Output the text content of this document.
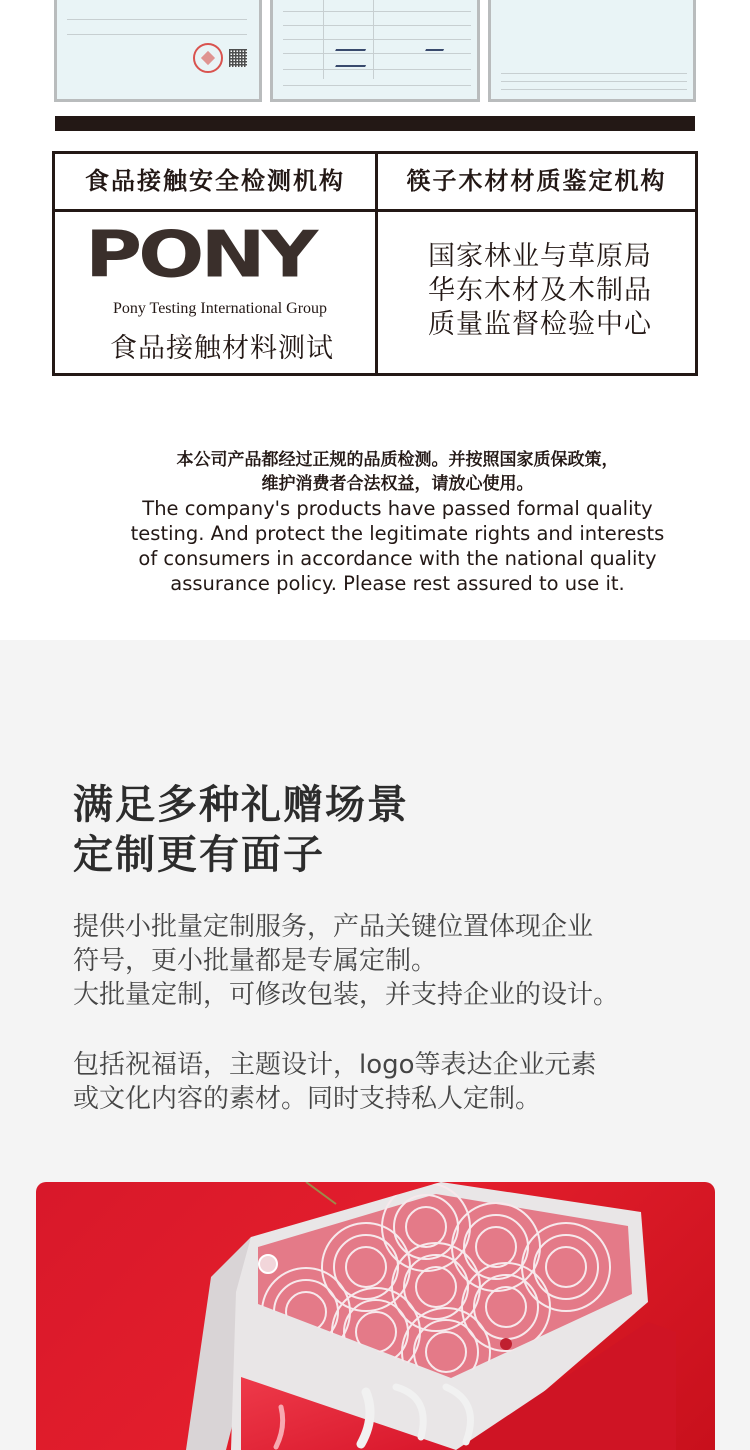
食品接触安全检测机构	筷子木材材质鉴定机构
PONY
Pony Testing International Group
食品接触材料测试
国家林业与草原局
华东木材及木制品
质量监督检验中心
本公司产品都经过正规的品质检测。并按照国家质保政策，
维护消费者合法权益，请放心使用。
The company's products have passed formal quality
testing. And protect the legitimate rights and interests
of consumers in accordance with the national quality
assurance policy. Please rest assured to use it.
满足多种礼赠场景
定制更有面子
提供小批量定制服务，产品关键位置体现企业
符号，更小批量都是专属定制。
大批量定制，可修改包装，并支持企业的设计。
包括祝福语，主题设计，logo等表达企业元素
或文化内容的素材。同时支持私人定制。
